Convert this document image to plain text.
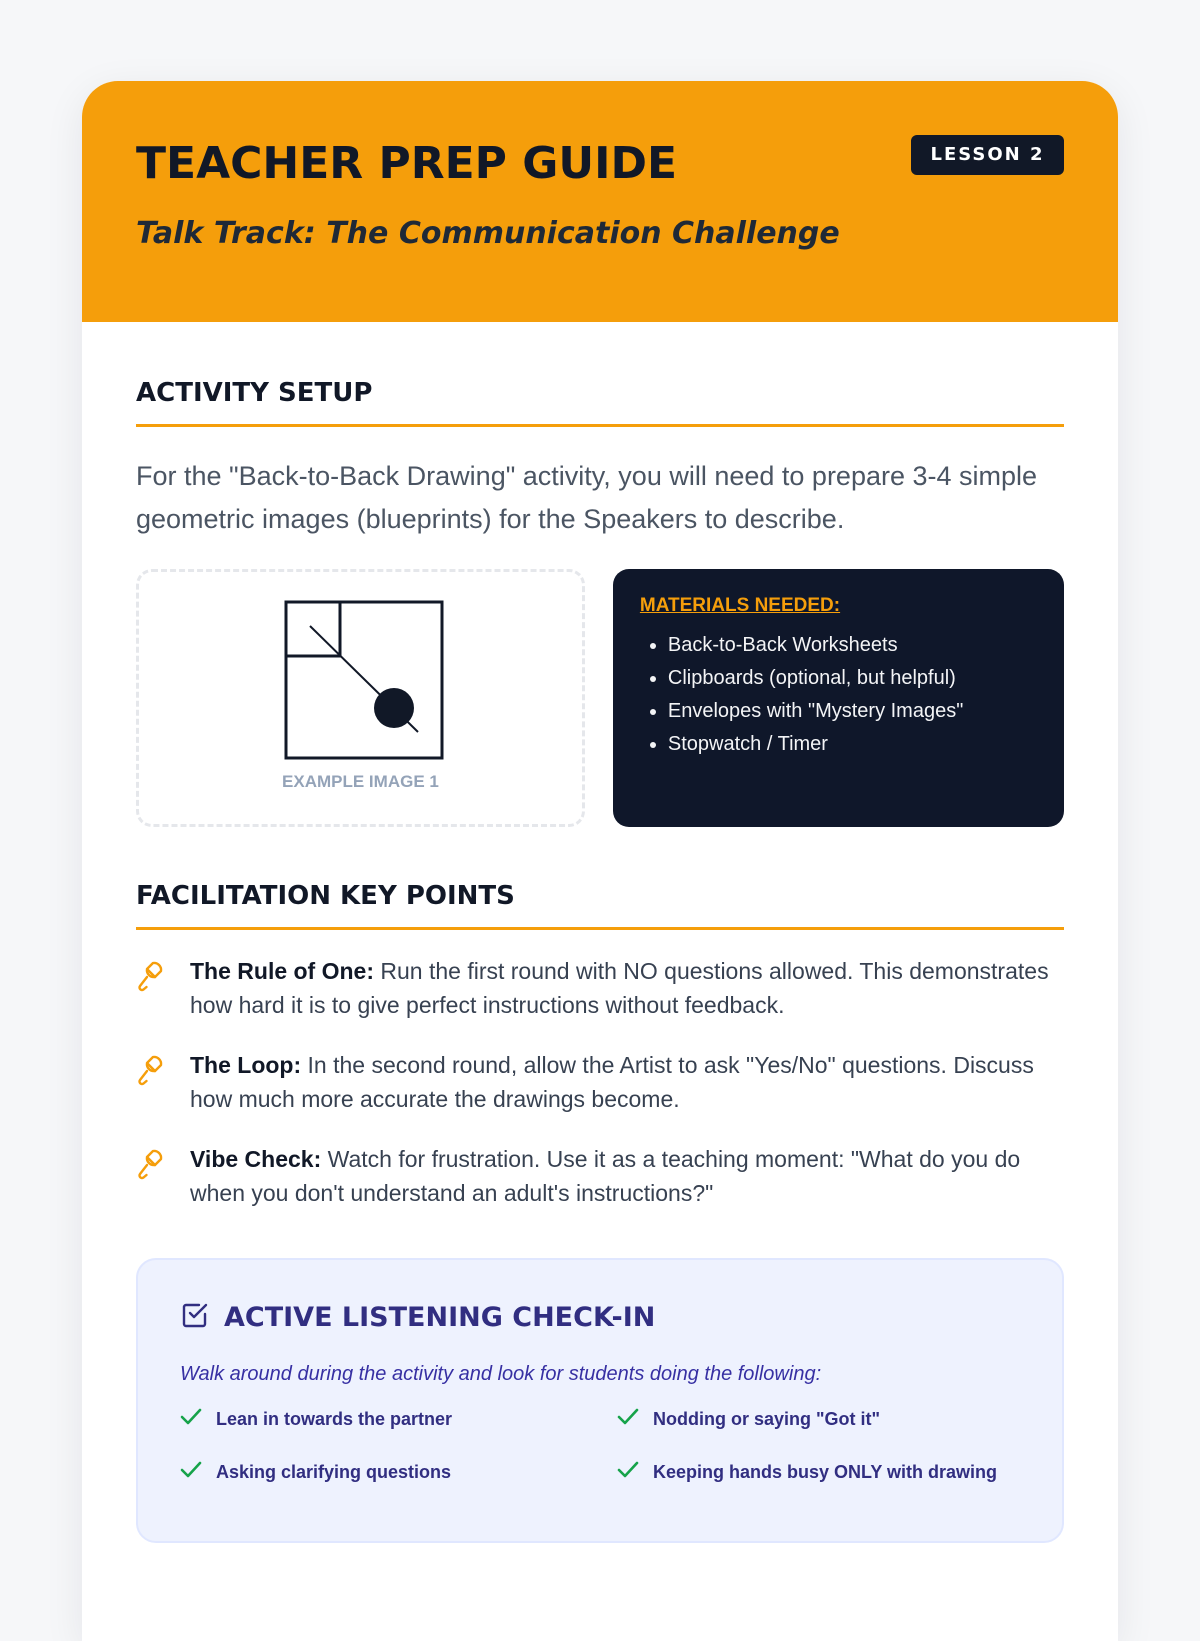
TEACHER PREP GUIDE	LESSON 2
Talk Track: The Communication Challenge
ACTIVITY SETUP

For the "Back-to-Back Drawing" activity, you will need to prepare 3-4 simple geometric images (blueprints) for the Speakers to describe.

EXAMPLE IMAGE 1
MATERIALS NEEDED:
• Back-to-Back Worksheets
• Clipboards (optional, but helpful)
• Envelopes with "Mystery Images"
• Stopwatch / Timer
FACILITATION KEY POINTS
The Rule of One: Run the first round with NO questions allowed. This demonstrates how hard it is to give perfect instructions without feedback.
The Loop: In the second round, allow the Artist to ask "Yes/No" questions. Discuss how much more accurate the drawings become.
Vibe Check: Watch for frustration. Use it as a teaching moment: "What do you do when you don't understand an adult's instructions?"
ACTIVE LISTENING CHECK-IN
Walk around during the activity and look for students doing the following:
Lean in towards the partner	Nodding or saying "Got it"
Asking clarifying questions	Keeping hands busy ONLY with drawing
